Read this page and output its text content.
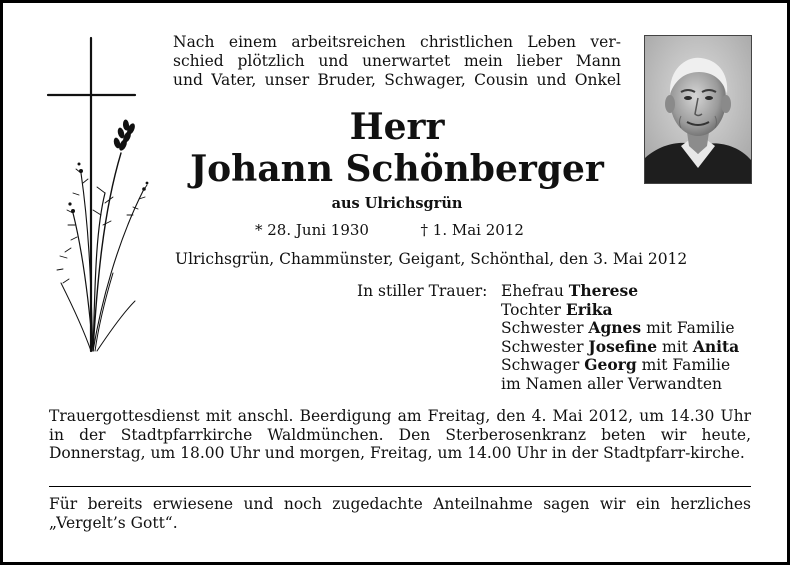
Nach einem arbeitsreichen christlichen Leben ver-
schied plötzlich und unerwartet mein lieber Mann
und Vater, unser Bruder, Schwager, Cousin und Onkel
Herr
Johann Schönberger
aus Ulrichsgrün
* 28. Juni 1930	† 1. Mai 2012
Ulrichsgrün, Chammünster, Geigant, Schönthal, den 3. Mai 2012
In stiller Trauer: Ehefrau Therese
Tochter Erika
Schwester Agnes mit Familie
Schwester Josefine mit Anita
Schwager Georg mit Familie
im Namen aller Verwandten
Trauergottesdienst mit anschl. Beerdigung am Freitag, den 4. Mai 2012, um 14.30 Uhr in der Stadtpfarrkirche Waldmünchen. Den Sterberosenkranz beten wir heute, Donnerstag, um 18.00 Uhr und morgen, Freitag, um 14.00 Uhr in der Stadtpfarr-kirche.
Für bereits erwiesene und noch zugedachte Anteilnahme sagen wir ein herzliches „Vergelt’s Gott“.
